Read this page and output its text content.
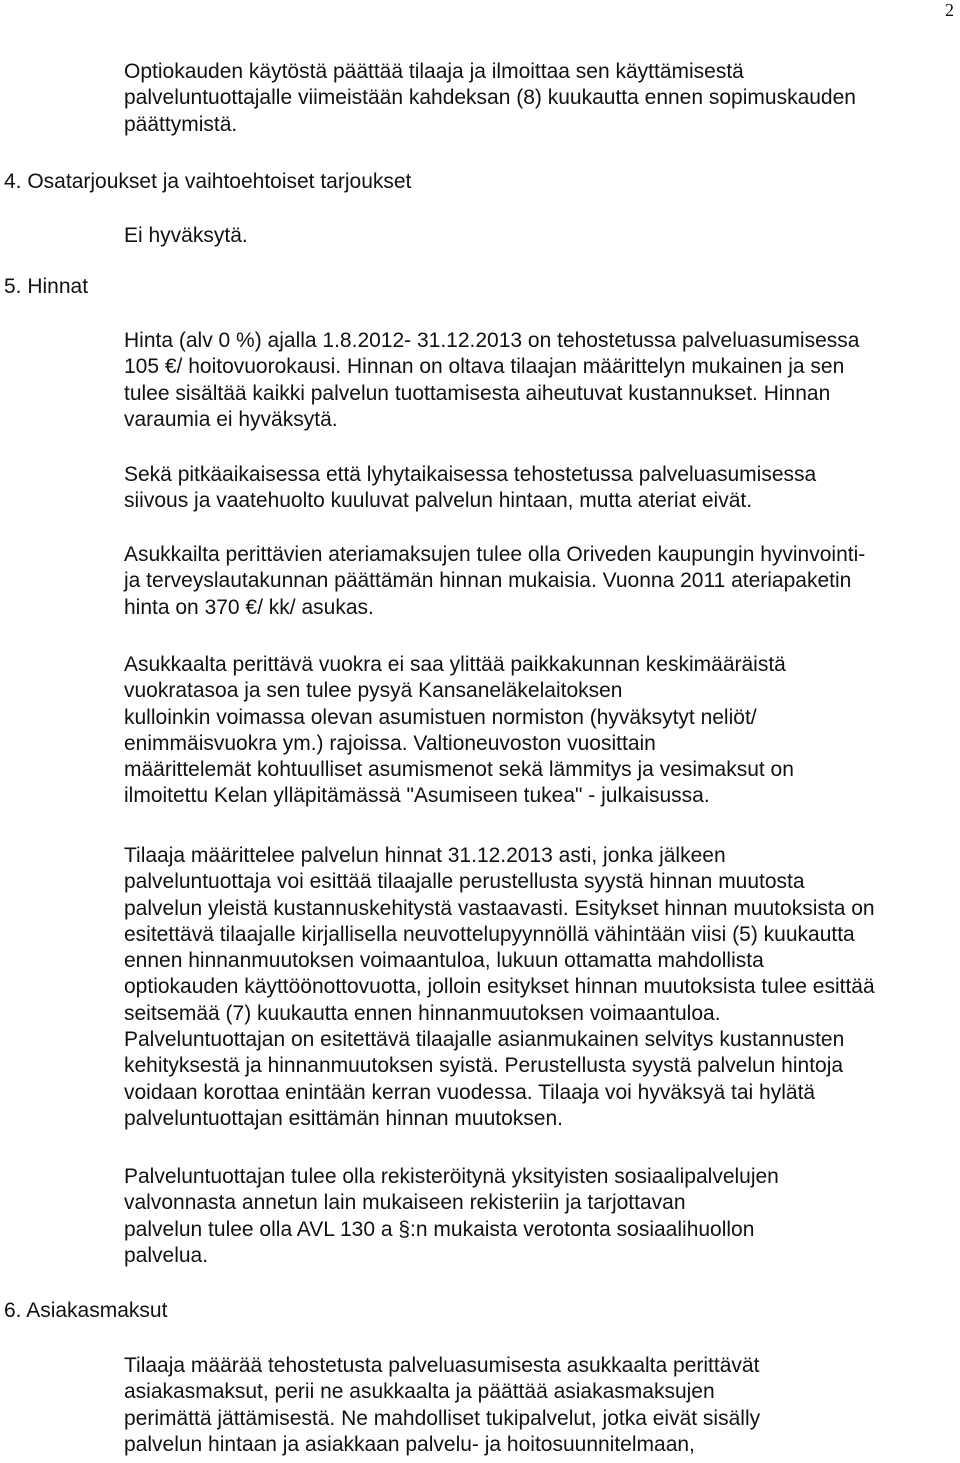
2
Optiokauden käytöstä päättää tilaaja ja ilmoittaa sen käyttämisestä
palveluntuottajalle viimeistään kahdeksan (8) kuukautta ennen sopimuskauden
päättymistä.
4. Osatarjoukset ja vaihtoehtoiset tarjoukset
Ei hyväksytä.
5. Hinnat
Hinta (alv 0 %) ajalla 1.8.2012- 31.12.2013 on tehostetussa palveluasumisessa
105 €/ hoitovuorokausi. Hinnan on oltava tilaajan määrittelyn mukainen ja sen
tulee sisältää kaikki palvelun tuottamisesta aiheutuvat kustannukset. Hinnan
varaumia ei hyväksytä.
Sekä pitkäaikaisessa että lyhytaikaisessa tehostetussa palveluasumisessa
siivous ja vaatehuolto kuuluvat palvelun hintaan, mutta ateriat eivät.
Asukkailta perittävien ateriamaksujen tulee olla Oriveden kaupungin hyvinvointi-
ja terveyslautakunnan päättämän hinnan mukaisia. Vuonna 2011 ateriapaketin
hinta on 370 €/ kk/ asukas.
Asukkaalta perittävä vuokra ei saa ylittää paikkakunnan keskimääräistä
vuokratasoa ja sen tulee pysyä Kansaneläkelaitoksen
kulloinkin voimassa olevan asumistuen normiston (hyväksytyt neliöt/
enimmäisvuokra ym.) rajoissa. Valtioneuvoston vuosittain
määrittelemät kohtuulliset asumismenot sekä lämmitys ja vesimaksut on
ilmoitettu Kelan ylläpitämässä "Asumiseen tukea" - julkaisussa.
Tilaaja määrittelee palvelun hinnat 31.12.2013 asti, jonka jälkeen
palveluntuottaja voi esittää tilaajalle perustellusta syystä hinnan muutosta
palvelun yleistä kustannuskehitystä vastaavasti. Esitykset hinnan muutoksista on
esitettävä tilaajalle kirjallisella neuvottelupyynnöllä vähintään viisi (5) kuukautta
ennen hinnanmuutoksen voimaantuloa, lukuun ottamatta mahdollista
optiokauden käyttöönottovuotta, jolloin esitykset hinnan muutoksista tulee esittää
seitsemää (7) kuukautta ennen hinnanmuutoksen voimaantuloa.
Palveluntuottajan on esitettävä tilaajalle asianmukainen selvitys kustannusten
kehityksestä ja hinnanmuutoksen syistä. Perustellusta syystä palvelun hintoja
voidaan korottaa enintään kerran vuodessa. Tilaaja voi hyväksyä tai hylätä
palveluntuottajan esittämän hinnan muutoksen.
Palveluntuottajan tulee olla rekisteröitynä yksityisten sosiaalipalvelujen
valvonnasta annetun lain mukaiseen rekisteriin ja tarjottavan
palvelun tulee olla AVL 130 a §:n mukaista verotonta sosiaalihuollon
palvelua.
6. Asiakasmaksut
Tilaaja määrää tehostetusta palveluasumisesta asukkaalta perittävät
asiakasmaksut, perii ne asukkaalta ja päättää asiakasmaksujen
perimättä jättämisestä. Ne mahdolliset tukipalvelut, jotka eivät sisälly
palvelun hintaan ja asiakkaan palvelu- ja hoitosuunnitelmaan,
